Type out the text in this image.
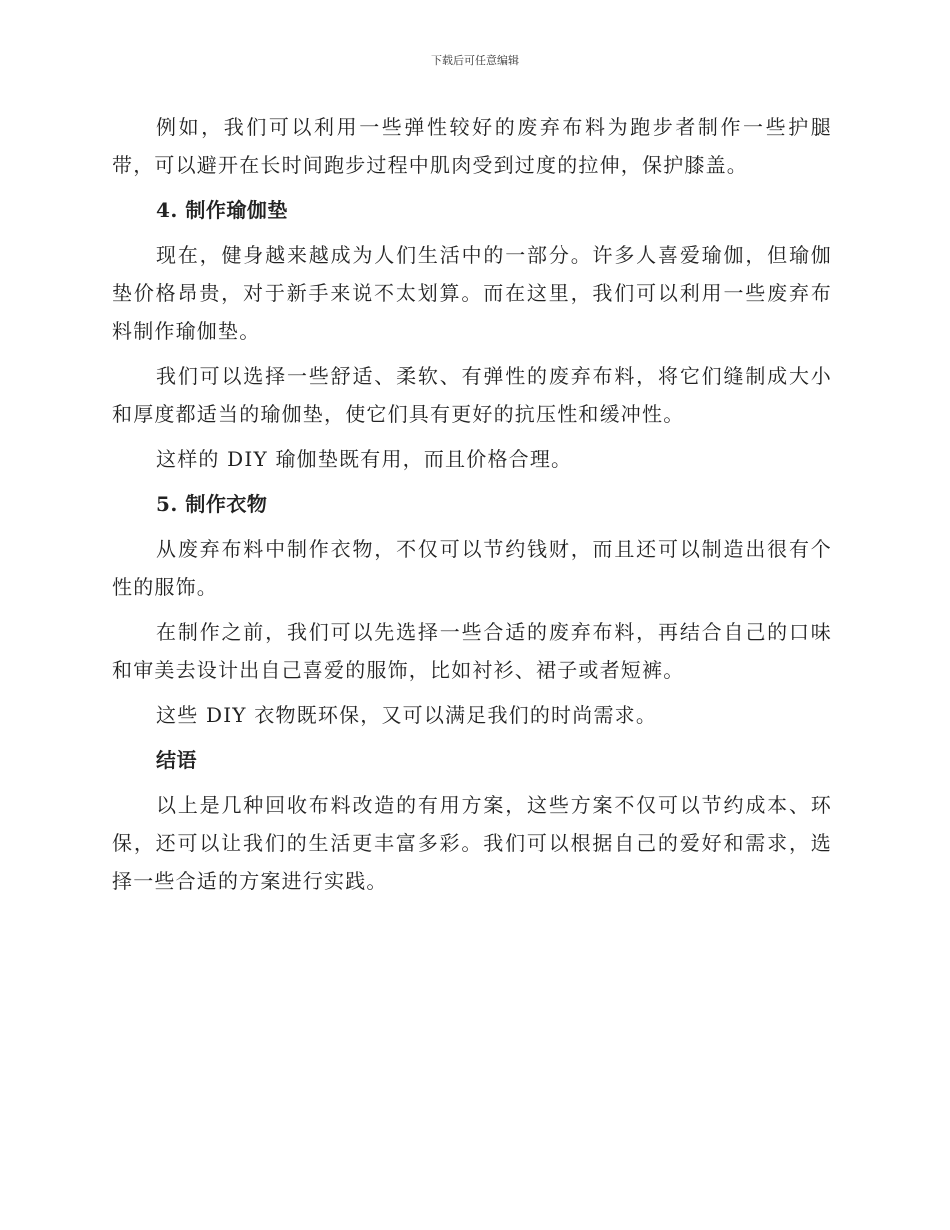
下载后可任意编辑

例如，我们可以利用一些弹性较好的废弃布料为跑步者制作一些护腿带，可以避开在长时间跑步过程中肌肉受到过度的拉伸，保护膝盖。

4. 制作瑜伽垫

现在，健身越来越成为人们生活中的一部分。许多人喜爱瑜伽，但瑜伽垫价格昂贵，对于新手来说不太划算。而在这里，我们可以利用一些废弃布料制作瑜伽垫。

我们可以选择一些舒适、柔软、有弹性的废弃布料，将它们缝制成大小和厚度都适当的瑜伽垫，使它们具有更好的抗压性和缓冲性。

这样的 DIY 瑜伽垫既有用，而且价格合理。

5. 制作衣物

从废弃布料中制作衣物，不仅可以节约钱财，而且还可以制造出很有个性的服饰。

在制作之前，我们可以先选择一些合适的废弃布料，再结合自己的口味和审美去设计出自己喜爱的服饰，比如衬衫、裙子或者短裤。

这些 DIY 衣物既环保，又可以满足我们的时尚需求。

结语

以上是几种回收布料改造的有用方案，这些方案不仅可以节约成本、环保，还可以让我们的生活更丰富多彩。我们可以根据自己的爱好和需求，选择一些合适的方案进行实践。
